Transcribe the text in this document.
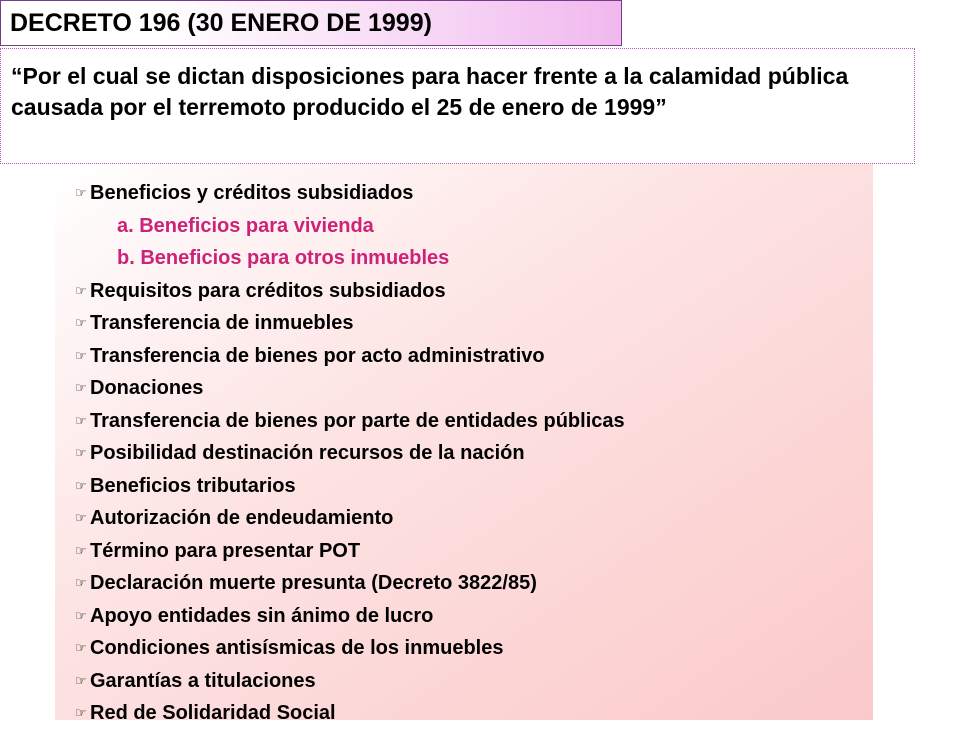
DECRETO 196 (30 ENERO DE 1999)
“Por el cual se dictan disposiciones para hacer frente a la calamidad pública causada por el terremoto producido el 25 de enero de 1999”
☞ Beneficios y créditos subsidiados
a. Beneficios para vivienda
b. Beneficios para otros inmuebles
☞ Requisitos para créditos subsidiados
☞ Transferencia de inmuebles
☞ Transferencia de bienes por acto administrativo
☞ Donaciones
☞ Transferencia de bienes por parte de entidades públicas
☞ Posibilidad destinación recursos de la nación
☞ Beneficios tributarios
☞ Autorización de endeudamiento
☞ Término para presentar POT
☞ Declaración muerte presunta (Decreto 3822/85)
☞ Apoyo entidades sin ánimo de lucro
☞ Condiciones antisísmicas de los inmuebles
☞ Garantías a titulaciones
☞ Red de Solidaridad Social
